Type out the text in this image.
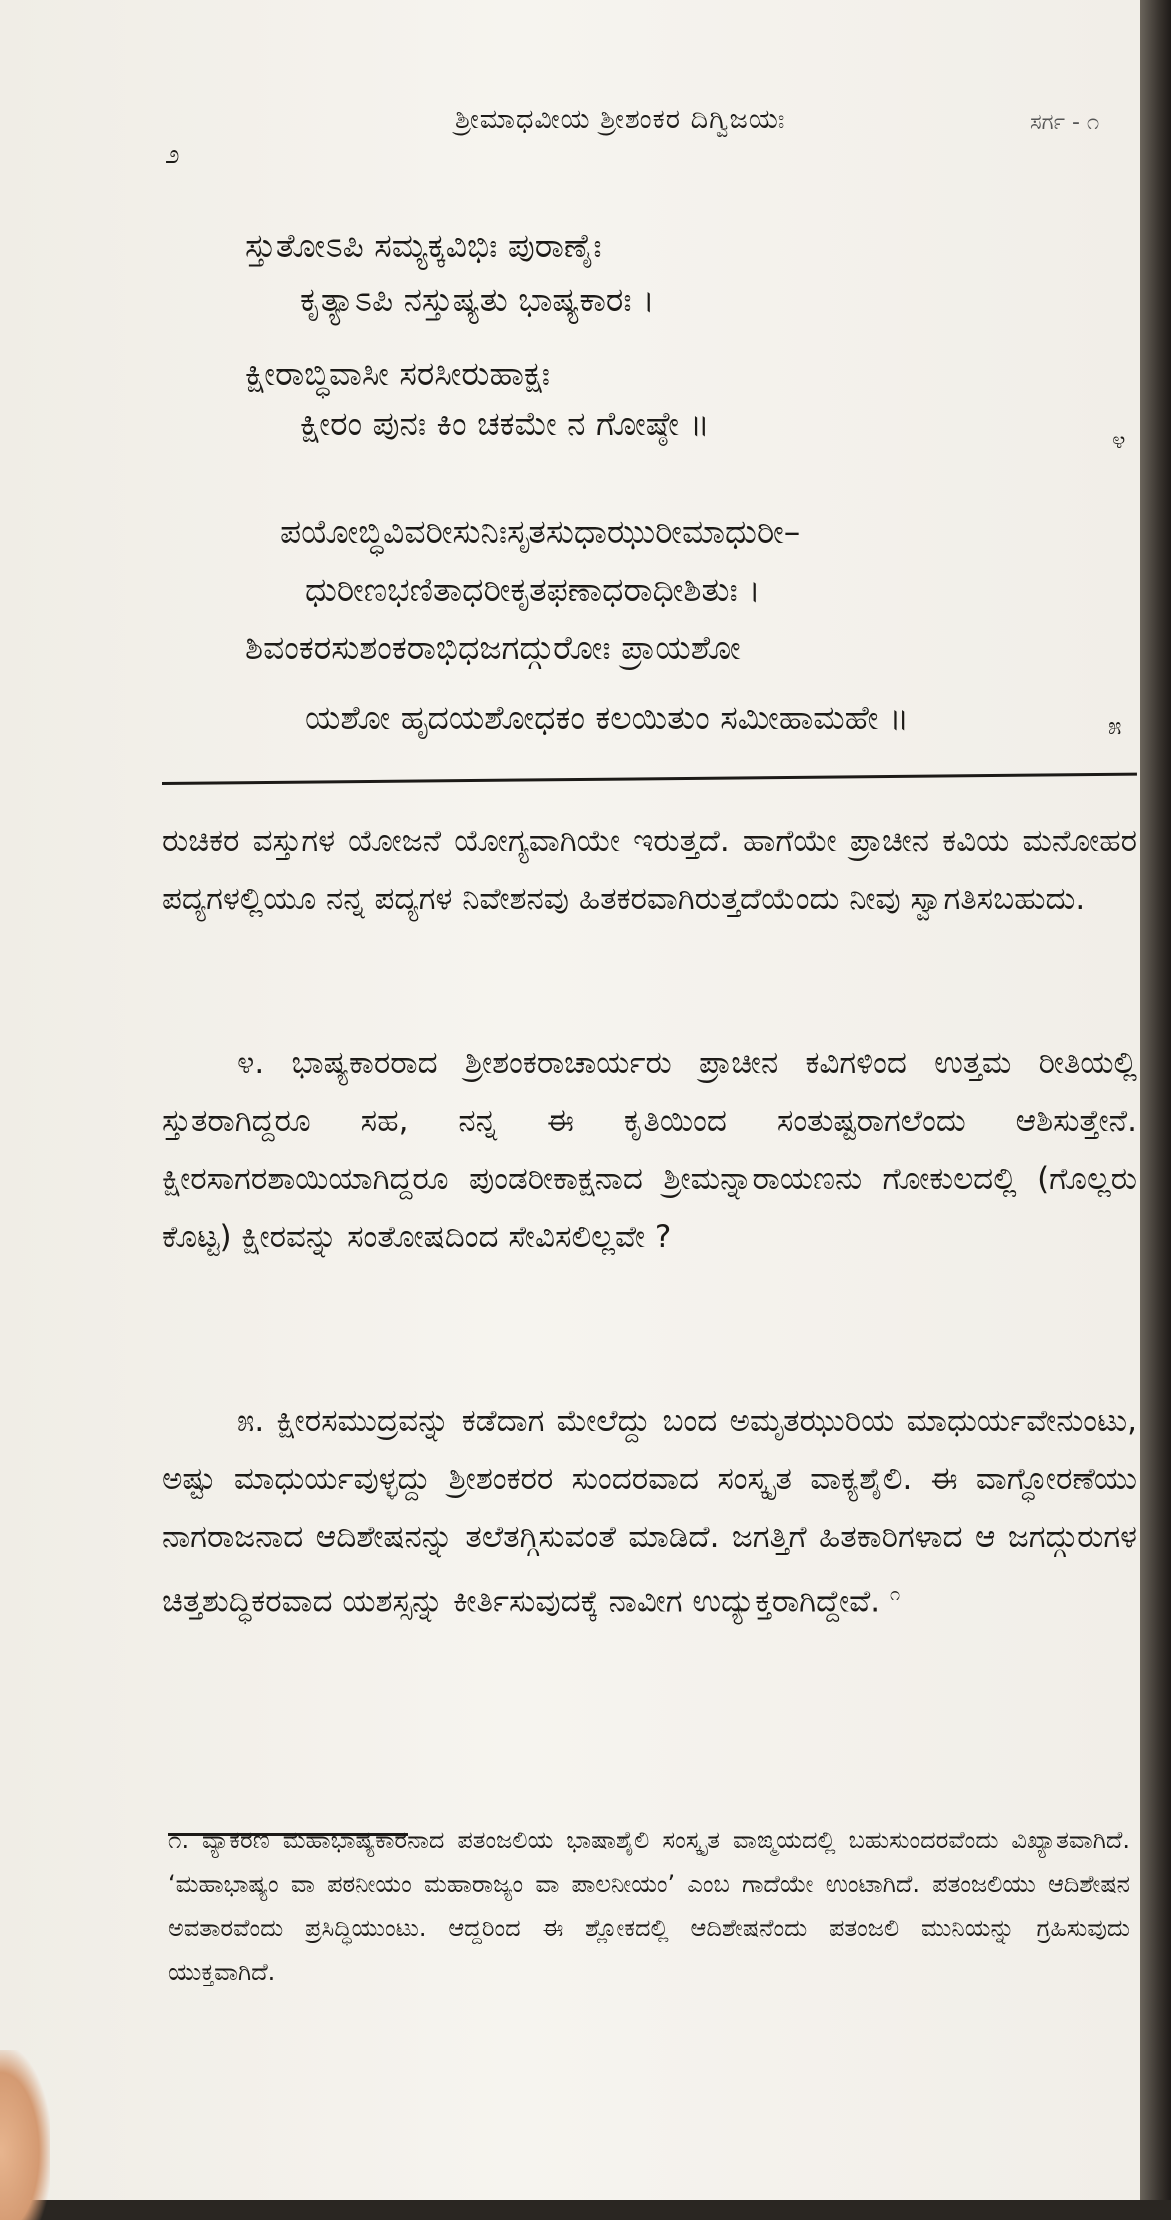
ಶ್ರೀಮಾಧವೀಯ ಶ್ರೀಶಂಕರ ದಿಗ್ವಿಜಯಃ	ಸರ್ಗ - ೧
೨
ಸ್ತುತೋಽಪಿ ಸಮ್ಯಕ್ಕವಿಭಿಃ ಪುರಾಣೈಃ
ಕೃತ್ಯಾಽಪಿ ನಸ್ತುಷ್ಯತು ಭಾಷ್ಯಕಾರಃ ।
ಕ್ಷೀರಾಬ್ಧಿವಾಸೀ ಸರಸೀರುಹಾಕ್ಷಃ
ಕ್ಷೀರಂ ಪುನಃ ಕಿಂ ಚಕಮೇ ನ ಗೋಷ್ಠೇ ॥	೪
ಪಯೋಬ್ಧಿವಿವರೀಸುನಿಃಸೃತಸುಧಾಝುರೀಮಾಧುರೀ–
ಧುರೀಣಭಣಿತಾಧರೀಕೃತಫಣಾಧರಾಧೀಶಿತುಃ ।
ಶಿವಂಕರಸುಶಂಕರಾಭಿಧಜಗದ್ಗುರೋಃ ಪ್ರಾಯಶೋ
ಯಶೋ ಹೃದಯಶೋಧಕಂ ಕಲಯಿತುಂ ಸಮೀಹಾಮಹೇ ॥	೫
ರುಚಿಕರ ವಸ್ತುಗಳ ಯೋಜನೆ ಯೋಗ್ಯವಾಗಿಯೇ ಇರುತ್ತದೆ. ಹಾಗೆಯೇ ಪ್ರಾಚೀನ ಕವಿಯ ಮನೋಹರ ಪದ್ಯಗಳಲ್ಲಿಯೂ ನನ್ನ ಪದ್ಯಗಳ ನಿವೇಶನವು ಹಿತಕರವಾಗಿರುತ್ತದೆಯೆಂದು ನೀವು ಸ್ವಾಗತಿಸಬಹುದು.
೪. ಭಾಷ್ಯಕಾರರಾದ ಶ್ರೀಶಂಕರಾಚಾರ್ಯರು ಪ್ರಾಚೀನ ಕವಿಗಳಿಂದ ಉತ್ತಮ ರೀತಿಯಲ್ಲಿ ಸ್ತುತರಾಗಿದ್ದರೂ ಸಹ, ನನ್ನ ಈ ಕೃತಿಯಿಂದ ಸಂತುಷ್ಟರಾಗಲೆಂದು ಆಶಿಸುತ್ತೇನೆ. ಕ್ಷೀರಸಾಗರಶಾಯಿಯಾಗಿದ್ದರೂ ಪುಂಡರೀಕಾಕ್ಷನಾದ ಶ್ರೀಮನ್ನಾರಾಯಣನು ಗೋಕುಲದಲ್ಲಿ (ಗೊಲ್ಲರು ಕೊಟ್ಟ) ಕ್ಷೀರವನ್ನು ಸಂತೋಷದಿಂದ ಸೇವಿಸಲಿಲ್ಲವೇ ?
೫. ಕ್ಷೀರಸಮುದ್ರವನ್ನು ಕಡೆದಾಗ ಮೇಲೆದ್ದು ಬಂದ ಅಮೃತಝುರಿಯ ಮಾಧುರ್ಯವೇನುಂಟು, ಅಷ್ಟು ಮಾಧುರ್ಯವುಳ್ಳದ್ದು ಶ್ರೀಶಂಕರರ ಸುಂದರವಾದ ಸಂಸ್ಕೃತ ವಾಕ್ಯಶೈಲಿ. ಈ ವಾಗ್ಧೋರಣೆಯು ನಾಗರಾಜನಾದ ಆದಿಶೇಷನನ್ನು ತಲೆತಗ್ಗಿಸುವಂತೆ ಮಾಡಿದೆ. ಜಗತ್ತಿಗೆ ಹಿತಕಾರಿಗಳಾದ ಆ ಜಗದ್ಗುರುಗಳ ಚಿತ್ತಶುದ್ಧಿಕರವಾದ ಯಶಸ್ಸನ್ನು ಕೀರ್ತಿಸುವುದಕ್ಕೆ ನಾವೀಗ ಉದ್ಯುಕ್ತರಾಗಿದ್ದೇವೆ. $^೧$
೧. ವ್ಯಾಕರಣ ಮಹಾಭಾಷ್ಯಕಾರನಾದ ಪತಂಜಲಿಯ ಭಾಷಾಶೈಲಿ ಸಂಸ್ಕೃತ ವಾಙ್ಮಯದಲ್ಲಿ ಬಹುಸುಂದರವೆಂದು ವಿಖ್ಯಾತವಾಗಿದೆ. ‘ಮಹಾಭಾಷ್ಯಂ ವಾ ಪಠನೀಯಂ ಮಹಾರಾಜ್ಯಂ ವಾ ಪಾಲನೀಯಂ’ ಎಂಬ ಗಾದೆಯೇ ಉಂಟಾಗಿದೆ. ಪತಂಜಲಿಯು ಆದಿಶೇಷನ ಅವತಾರವೆಂದು ಪ್ರಸಿದ್ಧಿಯುಂಟು. ಆದ್ದರಿಂದ ಈ ಶ್ಲೋಕದಲ್ಲಿ ಆದಿಶೇಷನೆಂದು ಪತಂಜಲಿ ಮುನಿಯನ್ನು ಗ್ರಹಿಸುವುದು ಯುಕ್ತವಾಗಿದೆ.
